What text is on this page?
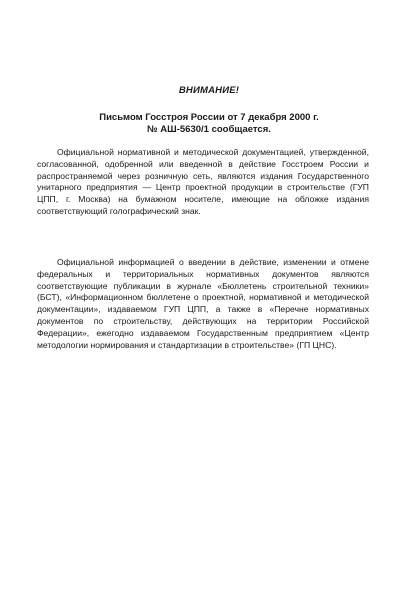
ВНИМАНИЕ!
Письмом Госстроя России от 7 декабря 2000 г.
№ АШ-5630/1 сообщается.

Официальной нормативной и методической документацией, утвержденной, согласованной, одобренной или введенной в действие Госстроем России и распространяемой через розничную сеть, являются издания Государственного унитарного предприятия — Центр проектной продукции в строительстве (ГУП ЦПП, г. Москва) на бумажном носителе, имеющие на обложке издания соответствующий голографический знак.

Официальной информацией о введении в действие, изменении и отмене федеральных и территориальных нормативных документов являются соответствующие публикации в журнале «Бюллетень строительной техники» (БСТ), «Информационном бюллетене о проектной, нормативной и методической документации», издаваемом ГУП ЦПП, а также в «Перечне нормативных документов по строительству, действующих на территории Российской Федерации», ежегодно издаваемом Государственным предприятием «Центр методологии нормирования и стандартизации в строительстве» (ГП ЦНС).
